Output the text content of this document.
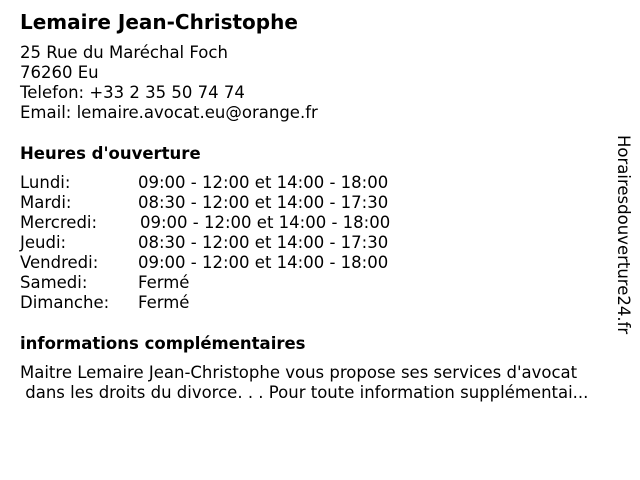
Lemaire Jean-Christophe
25 Rue du Maréchal Foch
76260 Eu
Telefon: +33 2 35 50 74 74
Email: lemaire.avocat.eu@orange.fr
Heures d'ouverture
Lundi:	09:00 - 12:00 et 14:00 - 18:00
Mardi:	08:30 - 12:00 et 14:00 - 17:30
Mercredi:	09:00 - 12:00 et 14:00 - 18:00
Jeudi:	08:30 - 12:00 et 14:00 - 17:30
Vendredi: 09:00 - 12:00 et 14:00 - 18:00
Samedi:	Fermé
Dimanche: Fermé
informations complémentaires
Maitre Lemaire Jean-Christophe vous propose ses services d'avocat
dans les droits du divorce. . . Pour toute information supplémentai...
Horairesdouverture24.fr
